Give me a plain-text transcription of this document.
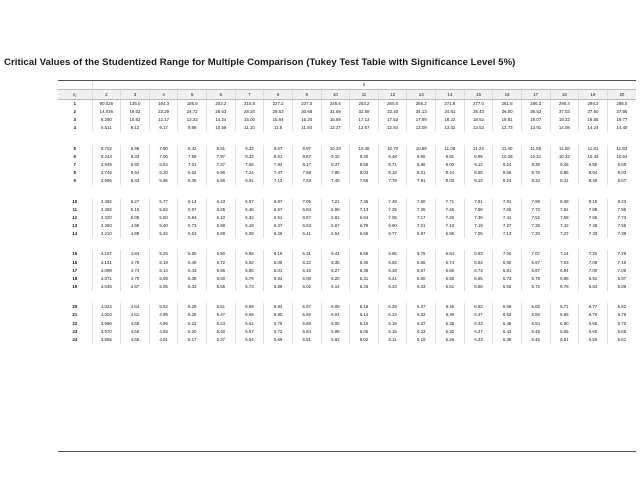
Critical Values of the Studentized Range for Multiple Comparison (Tukey Test Table with Significance Level 5%)
	k																		
ν₂	2	3	4	5	6	7	8	9	10	11	12	13	14	15	16	17	18	19	20
1	90.025	135.0	164.3	185.6	202.2	215.8	227.2	237.0	245.6	253.2	260.0	266.2	271.8	277.0	281.8	286.3	290.4	294.3	298.0
2	14.036	19.02	22.29	24.72	26.63	28.20	29.53	30.68	31.69	32.59	33.40	34.13	34.81	35.43	36.00	36.53	37.03	37.50	37.95
3	8.260	10.62	12.17	13.33	14.24	15.00	15.64	16.20	16.69	17.13	17.53	17.89	18.22	18.52	18.81	19.07	19.32	19.55	19.77
4	6.511	8.12	9.17	9.96	10.58	11.10	11.5	11.93	12.27	12.57	12.84	13.09	13.32	13.53	13.73	13.91	14.08	14.24	14.40

5	5.702	6.98	7.80	8.42	8.91	9.32	9.67	9.97	10.24	10.48	10.70	10.89	11.08	11.24	11.40	11.55	11.68	11.81	11.93
6	5.243	6.33	7.06	7.56	7.97	8.32	8.61	8.87	9.10	9.30	9.48	9.65	9.81	9.95	10.08	10.21	10.32	10.43	10.54
7	4.949	5.92	6.54	7.01	7.37	7.68	7.94	8.17	8.37	8.55	8.71	8.86	9.00	9.12	9.24	9.35	9.46	9.55	9.65
8	4.745	5.64	6.20	6.62	6.96	7.24	7.47	7.68	7.86	8.03	8.18	8.31	8.44	8.55	8.66	8.76	8.85	8.94	9.03
9	4.596	5.43	5.96	6.35	6.66	6.91	7.13	7.33	7.49	7.65	7.78	7.91	8.03	8.13	8.23	8.33	8.41	8.49	8.57

10	4.482	5.27	5.77	6.14	6.43	6.67	6.87	7.05	7.21	7.36	7.49	7.60	7.71	7.81	7.91	7.99	8.08	8.15	8.23
11	4.392	5.15	5.62	5.97	6.25	6.48	6.67	6.84	6.99	7.13	7.25	7.36	7.46	7.56	7.65	7.73	7.81	7.88	7.95
12	4.320	5.05	5.50	5.84	6.10	6.32	6.51	6.67	6.81	6.94	7.06	7.17	7.26	7.36	7.44	7.52	7.59	7.66	7.73
13	4.260	4.96	5.40	5.73	5.98	6.19	6.37	6.53	6.67	6.79	6.90	7.01	7.10	7.19	7.27	7.35	7.42	7.48	7.55
14	4.210	4.89	5.32	5.63	5.88	6.08	6.26	6.41	6.54	6.66	6.77	6.87	6.96	7.05	7.13	7.20	7.27	7.33	7.39

15	4.167	4.84	5.25	5.56	5.80	5.99	6.16	6.31	6.44	6.55	6.66	6.76	6.84	6.93	7.00	7.07	7.14	7.20	7.26
16	4.131	4.79	5.19	5.49	5.72	5.92	6.08	6.22	6.35	6.46	6.56	6.66	6.74	6.82	6.90	6.97	7.03	7.09	7.15
17	4.099	4.74	5.14	5.43	5.66	5.85	6.01	6.15	6.27	6.38	6.48	6.57	6.66	6.73	6.81	6.87	6.94	7.00	7.05
18	4.071	4.70	5.09	5.38	5.60	5.79	5.94	6.08	6.20	6.31	6.41	6.50	6.58	6.65	6.73	6.79	6.85	6.91	6.97
19	4.045	4.67	5.05	5.33	5.55	5.73	5.89	6.02	6.14	6.25	6.34	6.43	6.51	6.58	6.65	6.72	6.78	6.84	6.89

20	4.024	4.64	5.02	5.29	5.51	5.69	5.84	5.97	6.09	6.19	6.28	6.37	6.45	6.52	6.59	6.65	6.71	6.77	6.82
21	4.004	4.61	4.99	5.26	5.47	5.65	5.80	5.92	6.04	6.14	6.24	6.32	6.39	6.47	6.53	6.59	6.65	6.70	6.76
22	3.986	4.58	4.96	5.22	5.43	5.61	5.76	5.88	6.00	6.10	6.19	6.27	6.35	6.42	6.48	6.54	6.60	6.65	6.70
23	3.970	4.56	4.93	5.20	5.40	5.57	5.72	5.84	5.96	6.06	6.15	6.23	6.30	6.37	6.43	6.49	6.55	6.60	6.65
24	3.955	4.55	4.91	5.17	5.37	5.54	5.69	5.81	5.92	6.02	6.11	6.19	6.26	6.33	6.39	6.45	6.51	6.56	6.61
